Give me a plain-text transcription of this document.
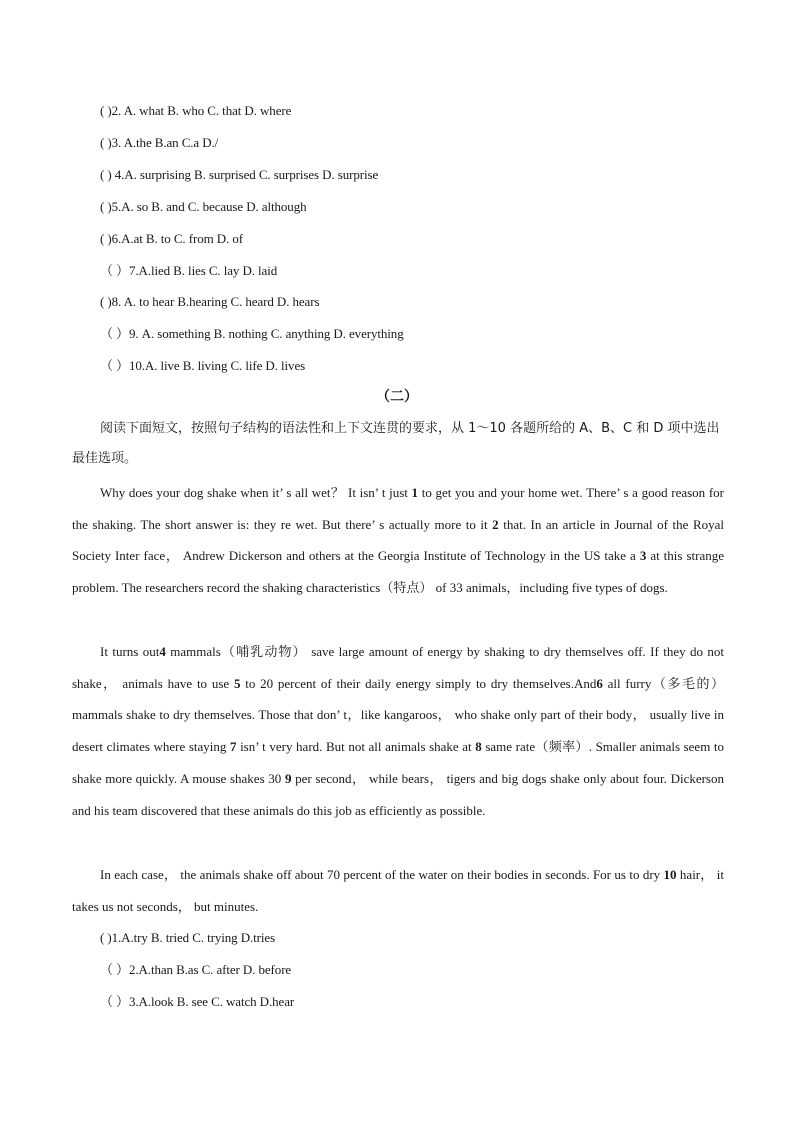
( )2. A. what B. who C. that D. where
( )3. A.the B.an C.a D./
( ) 4.A. surprising B. surprised C. surprises D. surprise
( )5.A. so B. and C. because D. although
( )6.A.at B. to C. from D. of
（ ）7.A.lied B. lies C. lay D. laid
( )8. A. to hear B.hearing C. heard D. hears
（ ）9. A. something B. nothing C. anything D. everything
（ ）10.A. live B. living C. life D. lives
（二）
阅读下面短文，按照句子结构的语法性和上下文连贯的要求，从 1～10 各题所给的 A、B、C 和 D 项中选出最佳选项。
Why does your dog shake when it’ s all wet？ It isn’ t just 1 to get you and your home wet. There’ s a good reason for the shaking. The short answer is: they re wet. But there’ s actually more to it 2 that. In an article in Journal of the Royal Society Inter face， Andrew Dickerson and others at the Georgia Institute of Technology in the US take a 3 at this strange problem. The researchers record the shaking characteristics（特点） of 33 animals，including five types of dogs.
It turns out4 mammals（哺乳动物） save large amount of energy by shaking to dry themselves off. If they do not shake， animals have to use 5 to 20 percent of their daily energy simply to dry themselves.And6 all furry（多毛的） mammals shake to dry themselves. Those that don’ t，like kangaroos， who shake only part of their body， usually live in desert climates where staying 7 isn’ t very hard. But not all animals shake at 8 same rate（频率）. Smaller animals seem to shake more quickly. A mouse shakes 30 9 per second， while bears， tigers and big dogs shake only about four. Dickerson and his team discovered that these animals do this job as efficiently as possible.
In each case， the animals shake off about 70 percent of the water on their bodies in seconds. For us to dry 10 hair， it takes us not seconds， but minutes.
( )1.A.try B. tried C. trying D.tries
（ ）2.A.than B.as C. after D. before
（ ）3.A.look B. see C. watch D.hear
